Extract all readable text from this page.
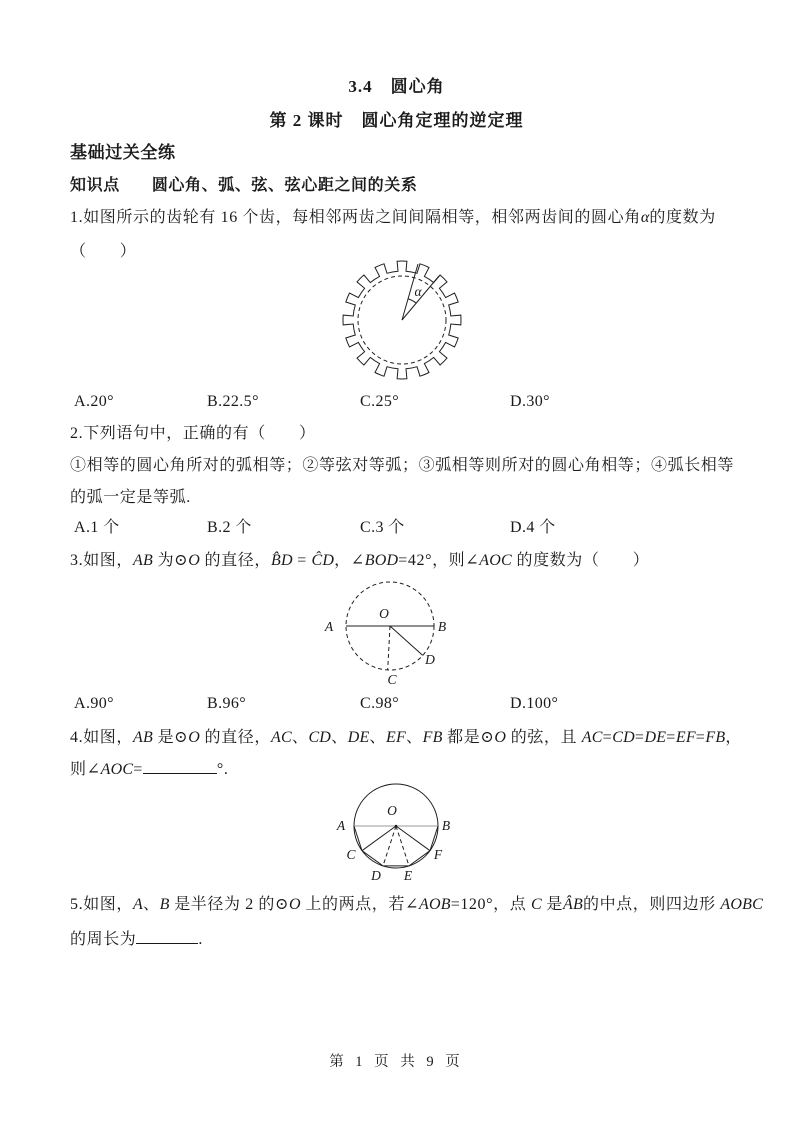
3.4　圆心角
第 2 课时　圆心角定理的逆定理
基础过关全练
知识点 圆心角、弧、弦、弦心距之间的关系
1.如图所示的齿轮有 16 个齿，每相邻两齿之间间隔相等，相邻两齿间的圆心角α的度数为
（　　）
α
A.20°	B.22.5°	C.25°	D.30°
2.下列语句中，正确的有（　　）
①相等的圆心角所对的弧相等；②等弦对等弧；③弧相等则所对的圆心角相等；④弧长相等
的弧一定是等弧.
A.1 个	B.2 个	C.3 个	D.4 个
3.如图，AB 为⊙O 的直径，B̂D = ĈD，∠BOD=42°，则∠AOC 的度数为（　　）
A
O
B
D
C
A.90°	B.96°	C.98°	D.100°
4.如图，AB 是⊙O 的直径，AC、CD、DE、EF、FB 都是⊙O 的弦，且 AC=CD=DE=EF=FB，
则∠AOC=	°.
A
O
B
C
D E
F
5.如图，A、B 是半径为 2 的⊙O 上的两点，若∠AOB=120°，点 C 是ÂB的中点，则四边形 AOBC
的周长为	.
第 1 页 共 9 页
